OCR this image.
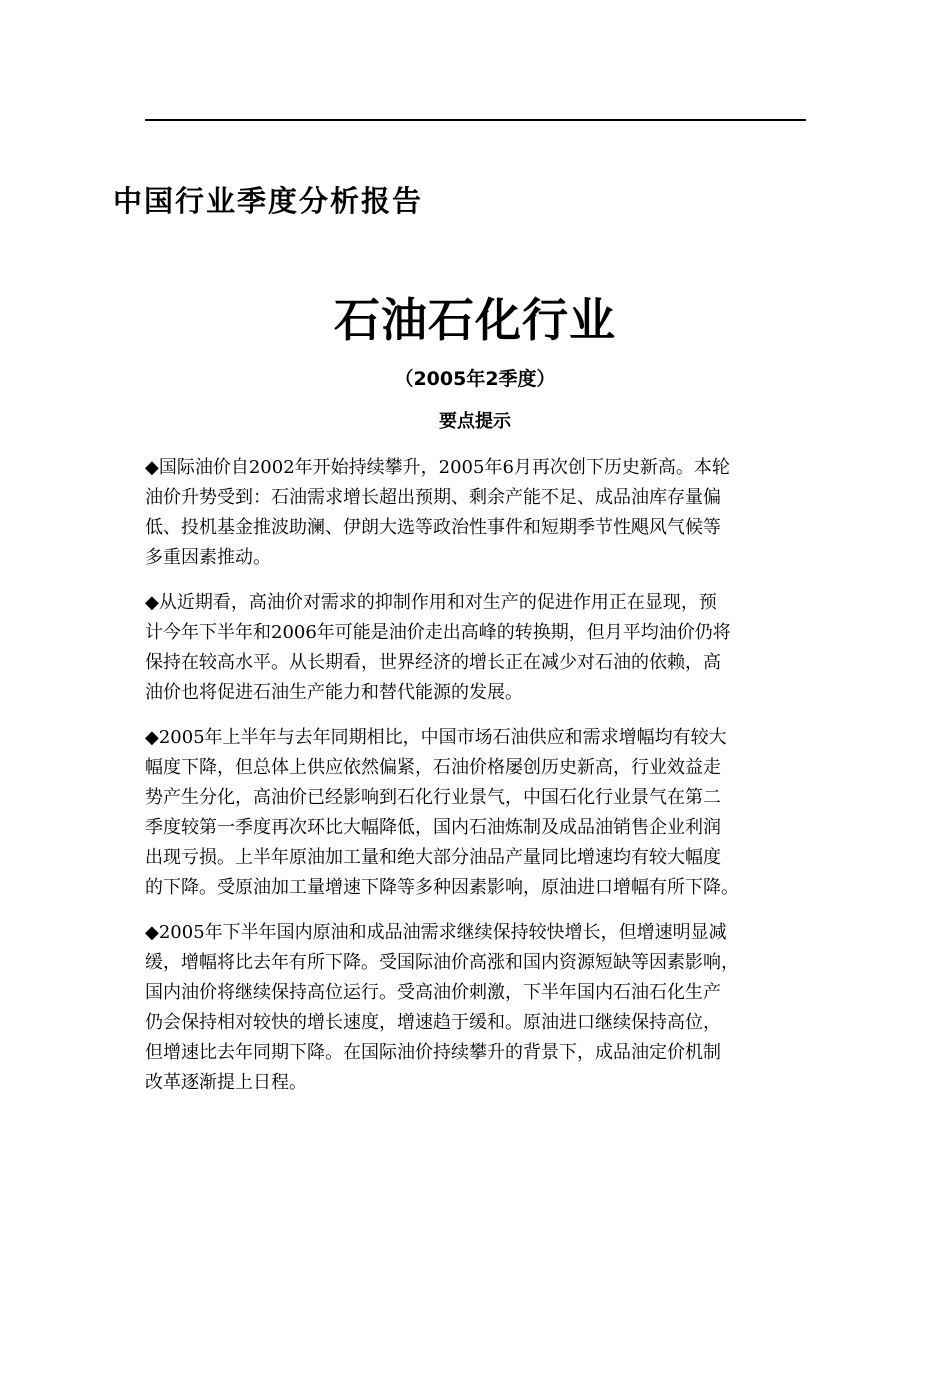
中国行业季度分析报告
石油石化行业
（2005年2季度）
要点提示
◆国际油价自2002年开始持续攀升，2005年6月再次创下历史新高。本轮
油价升势受到：石油需求增长超出预期、剩余产能不足、成品油库存量偏
低、投机基金推波助澜、伊朗大选等政治性事件和短期季节性飓风气候等
多重因素推动。
◆从近期看，高油价对需求的抑制作用和对生产的促进作用正在显现，预
计今年下半年和2006年可能是油价走出高峰的转换期，但月平均油价仍将
保持在较高水平。从长期看，世界经济的增长正在减少对石油的依赖，高
油价也将促进石油生产能力和替代能源的发展。
◆2005年上半年与去年同期相比，中国市场石油供应和需求增幅均有较大
幅度下降，但总体上供应依然偏紧，石油价格屡创历史新高，行业效益走
势产生分化，高油价已经影响到石化行业景气，中国石化行业景气在第二
季度较第一季度再次环比大幅降低，国内石油炼制及成品油销售企业利润
出现亏损。上半年原油加工量和绝大部分油品产量同比增速均有较大幅度
的下降。受原油加工量增速下降等多种因素影响，原油进口增幅有所下降。
◆2005年下半年国内原油和成品油需求继续保持较快增长，但增速明显减
缓，增幅将比去年有所下降。受国际油价高涨和国内资源短缺等因素影响，
国内油价将继续保持高位运行。受高油价刺激，下半年国内石油石化生产
仍会保持相对较快的增长速度，增速趋于缓和。原油进口继续保持高位，
但增速比去年同期下降。在国际油价持续攀升的背景下，成品油定价机制
改革逐渐提上日程。
